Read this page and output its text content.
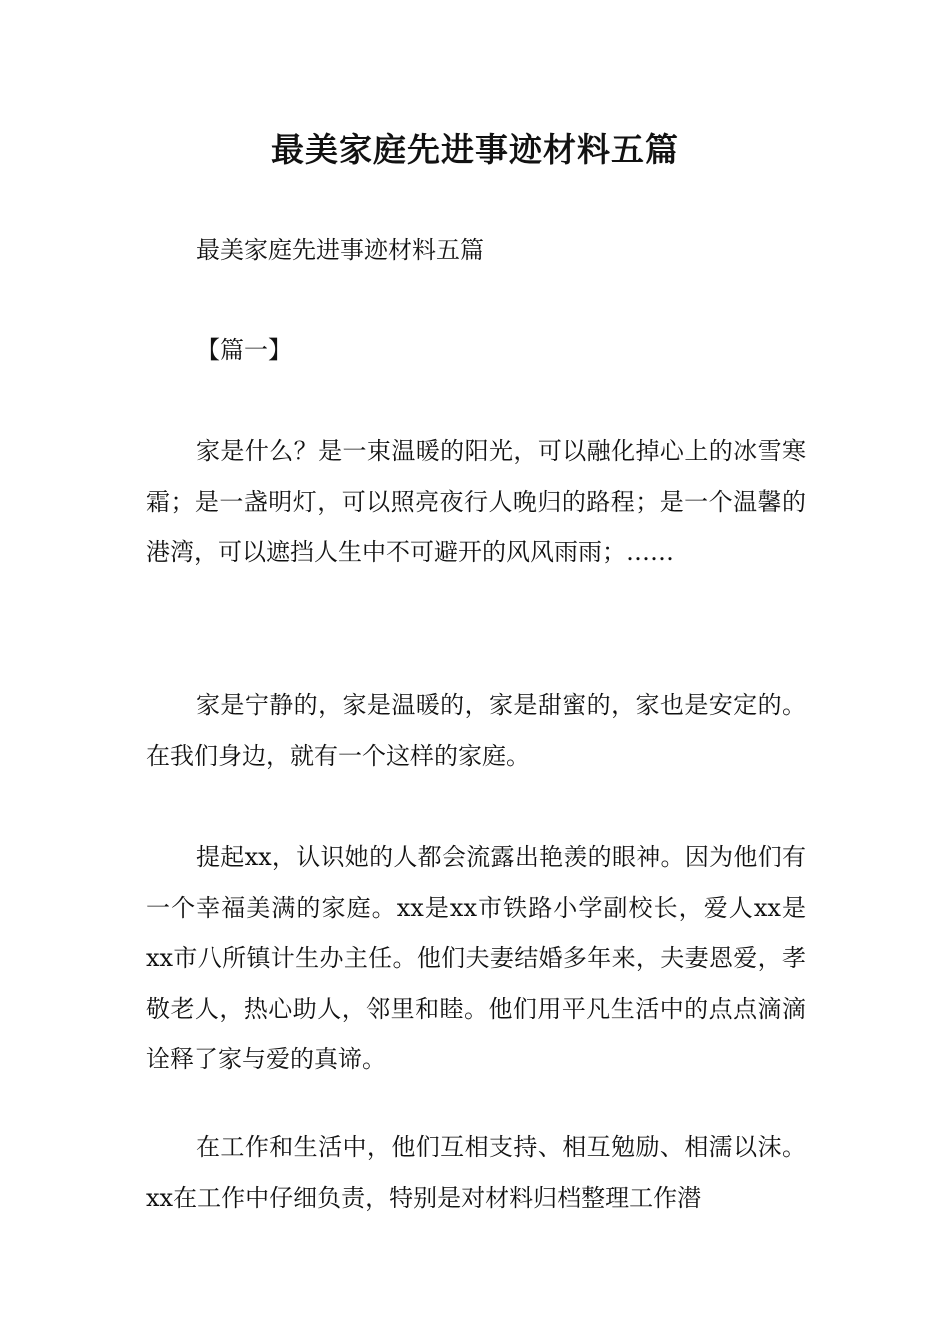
最美家庭先进事迹材料五篇
最美家庭先进事迹材料五篇
【篇一】
家是什么？是一束温暖的阳光，可以融化掉心上的冰雪寒霜；是一盏明灯，可以照亮夜行人晚归的路程；是一个温馨的港湾，可以遮挡人生中不可避开的风风雨雨；……
家是宁静的，家是温暖的，家是甜蜜的，家也是安定的。在我们身边，就有一个这样的家庭。
提起xx，认识她的人都会流露出艳羡的眼神。因为他们有一个幸福美满的家庭。xx是xx市铁路小学副校长，爱人xx是xx市八所镇计生办主任。他们夫妻结婚多年来，夫妻恩爱，孝敬老人，热心助人，邻里和睦。他们用平凡生活中的点点滴滴诠释了家与爱的真谛。
在工作和生活中，他们互相支持、相互勉励、相濡以沫。xx在工作中仔细负责，特别是对材料归档整理工作潜
